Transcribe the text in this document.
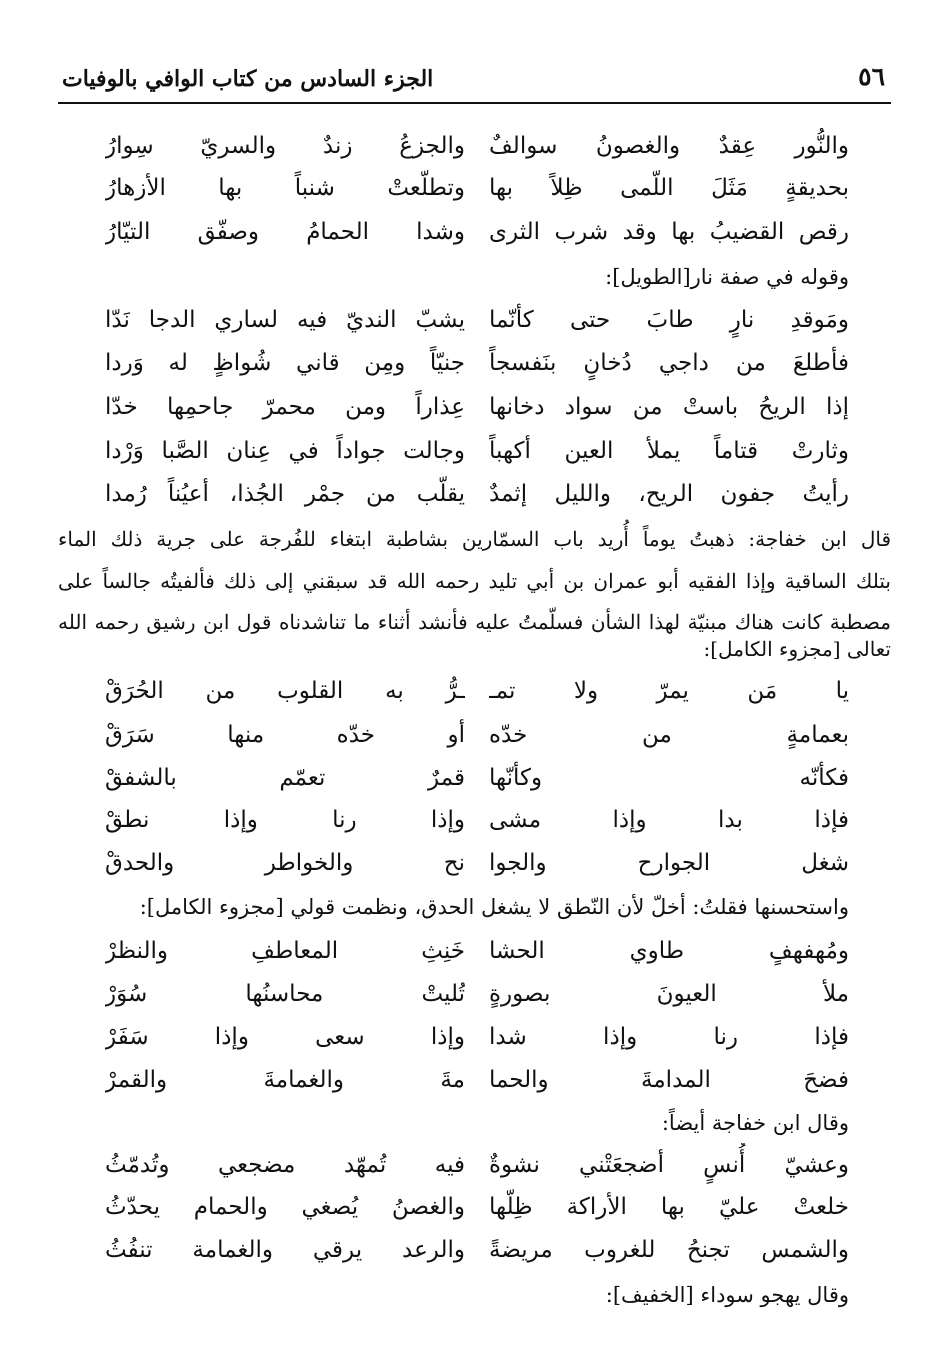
٥٦
الجزء السادس من كتاب الوافي بالوفيات
والنُّور عِقدٌ والغصونُ سوالفٌ
والجزعُ زندٌ والسريّ سِوارُ
بحديقةٍ مَثَلَ اللّمى ظِلاً بها
وتطلّعتْ شنباً بها الأزهارُ
رقص القضيبُ بها وقد شرب الثرى
وشدا الحمامُ وصفّق التيّارُ
وقوله في صفة نار[الطويل]:
ومَوقدِ نارٍ طابَ حتى كأنّما
يشبّ النديّ فيه لساري الدجا نَدّا
فأطلعَ من داجي دُخانٍ بنَفسجاً
جنيّاً ومِن قاني شُواظٍ له وَردا
إذا الريحُ باستْ من سواد دخانها
عِذاراً ومن محمرّ جاحمِها خدّا
وثارتْ قتاماً يملأ العين أكهباً
وجالت جواداً في عِنان الصَّبا وَرْدا
رأيتُ جفون الريح، والليل إثمدٌ
يقلّب من جمْر الجُذا، أعيُناً رُمدا
قال ابن خفاجة: ذهبتُ يوماً أُريد باب السمّارين بشاطبة ابتغاء للفُرجة على جرية ذلك الماء
بتلك الساقية وإذا الفقيه أبو عمران بن أبي تليد رحمه الله قد سبقني إلى ذلك فألفيتُه جالساً على
مصطبة كانت هناك مبنيّة لهذا الشأن فسلّمتُ عليه فأنشد أثناء ما تناشدناه قول ابن رشيق رحمه الله
تعالى [مجزوء الكامل]:
يا مَن يمرّ ولا تمـ
ـرُّ به القلوب من الحُرَقْ
بعمامةٍ من خدّه
أو خدّه منها سَرَقْ
فكأنّه وكأنّها
قمرٌ تعمّم بالشفقْ
فإذا بدا وإذا مشى
وإذا رنا وإذا نطقْ
شغل الجوارح والجوا
نح والخواطر والحدقْ
واستحسنها فقلتُ: أخلّ لأن النّطق لا يشغل الحدق، ونظمت قولي [مجزوء الكامل]:
ومُهفهفٍ طاوي الحشا
خَنِثِ المعاطفِ والنظرْ
ملأ العيونَ بصورةٍ
تُليتْ محاسنُها سُوَرْ
فإذا رنا وإذا شدا
وإذا سعى وإذا سَفَرْ
فضحَ المدامةَ والحما
مةَ والغمامةَ والقمرْ
وقال ابن خفاجة أيضاً:
وعشيّ أُنسٍ أضجعَتْني نشوةٌ
فيه تُمهّد مضجعي وتُدمّثُ
خلعتْ عليّ بها الأراكة ظِلّها
والغصنُ يُصغي والحمام يحدّثُ
والشمس تجنحُ للغروب مريضةً
والرعد يرقي والغمامة تنفُثُ
وقال يهجو سوداء [الخفيف]:
